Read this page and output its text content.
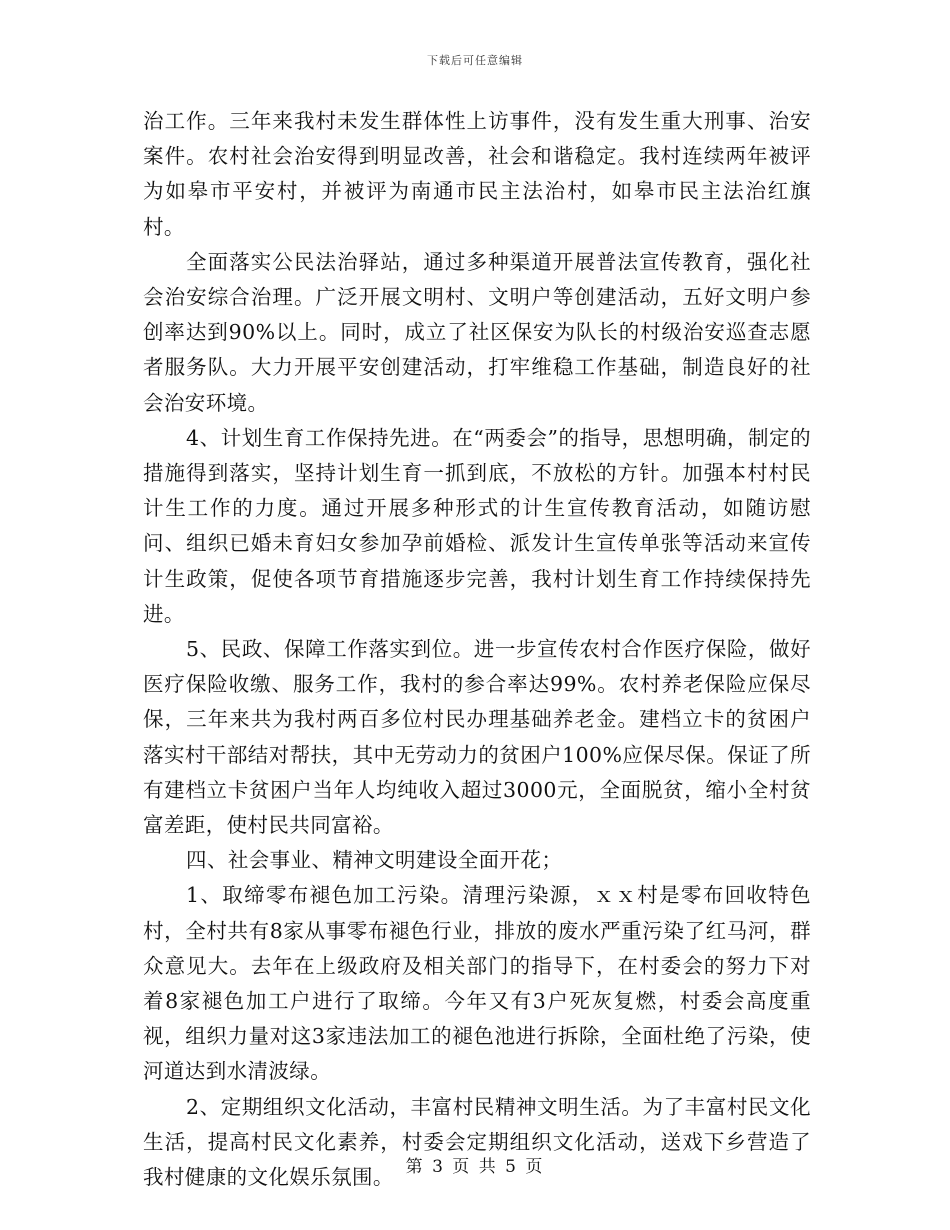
下载后可任意编辑

治工作。三年来我村未发生群体性上访事件，没有发生重大刑事、治安案件。农村社会治安得到明显改善，社会和谐稳定。我村连续两年被评为如皋市平安村，并被评为南通市民主法治村，如皋市民主法治红旗村。

全面落实公民法治驿站，通过多种渠道开展普法宣传教育，强化社会治安综合治理。广泛开展文明村、文明户等创建活动，五好文明户参创率达到90%以上。同时，成立了社区保安为队长的村级治安巡查志愿者服务队。大力开展平安创建活动，打牢维稳工作基础，制造良好的社会治安环境。

4、计划生育工作保持先进。在“两委会”的指导，思想明确，制定的措施得到落实，坚持计划生育一抓到底，不放松的方针。加强本村村民计生工作的力度。通过开展多种形式的计生宣传教育活动，如随访慰问、组织已婚未育妇女参加孕前婚检、派发计生宣传单张等活动来宣传计生政策，促使各项节育措施逐步完善，我村计划生育工作持续保持先进。

5、民政、保障工作落实到位。进一步宣传农村合作医疗保险，做好医疗保险收缴、服务工作，我村的参合率达99%。农村养老保险应保尽保，三年来共为我村两百多位村民办理基础养老金。建档立卡的贫困户落实村干部结对帮扶，其中无劳动力的贫困户100%应保尽保。保证了所有建档立卡贫困户当年人均纯收入超过3000元，全面脱贫，缩小全村贫富差距，使村民共同富裕。

四、社会事业、精神文明建设全面开花；

1、取缔零布褪色加工污染。清理污染源，ｘｘ村是零布回收特色村，全村共有8家从事零布褪色行业，排放的废水严重污染了红马河，群众意见大。去年在上级政府及相关部门的指导下，在村委会的努力下对着8家褪色加工户进行了取缔。今年又有3户死灰复燃，村委会高度重视，组织力量对这3家违法加工的褪色池进行拆除，全面杜绝了污染，使河道达到水清波绿。

2、定期组织文化活动，丰富村民精神文明生活。为了丰富村民文化生活，提高村民文化素养，村委会定期组织文化活动，送戏下乡营造了我村健康的文化娱乐氛围。 第 3 页 共 5 页
